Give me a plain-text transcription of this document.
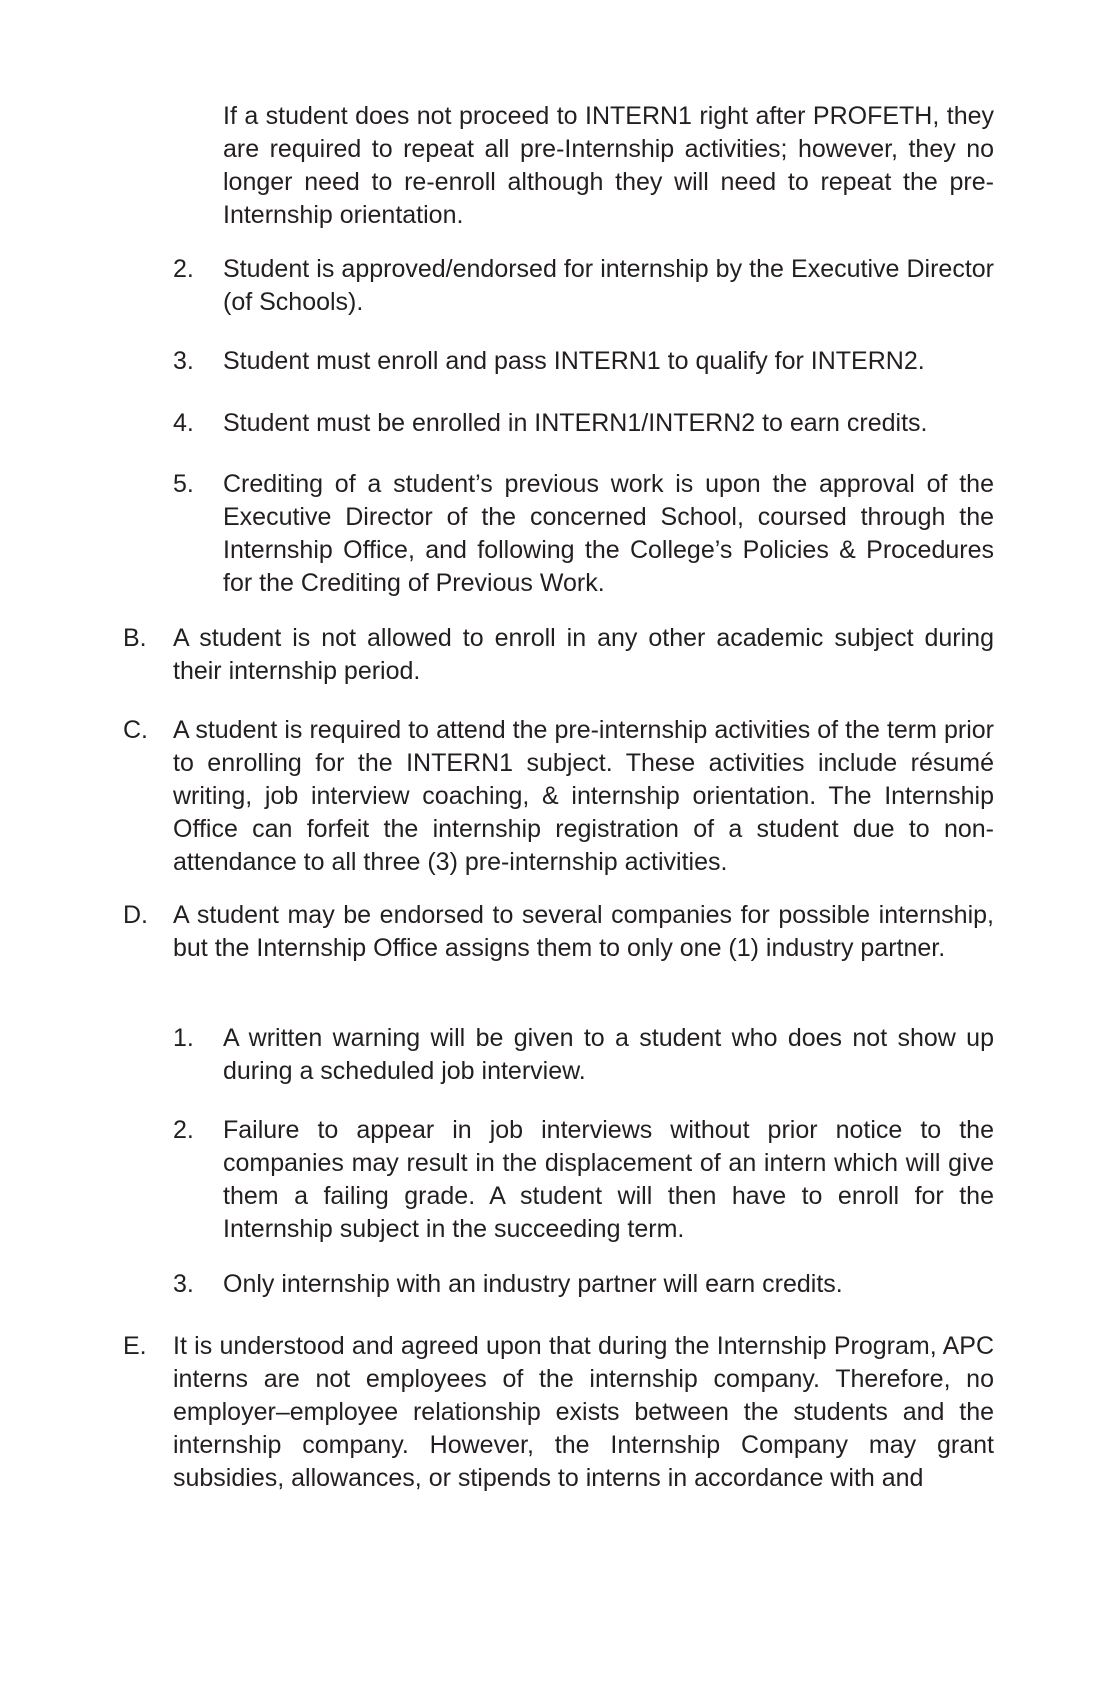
If a student does not proceed to INTERN1 right after PROFETH, they are required to repeat all pre-Internship activities; however, they no longer need to re-enroll although they will need to repeat the pre-Internship orientation.

2. Student is approved/endorsed for internship by the Executive Director (of Schools).

3. Student must enroll and pass INTERN1 to qualify for INTERN2.

4. Student must be enrolled in INTERN1/INTERN2 to earn credits.

5. Crediting of a student’s previous work is upon the approval of the Executive Director of the concerned School, coursed through the Internship Office, and following the College’s Policies & Procedures for the Crediting of Previous Work.

B. A student is not allowed to enroll in any other academic subject during their internship period.

C. A student is required to attend the pre-internship activities of the term prior to enrolling for the INTERN1 subject. These activities include résumé writing, job interview coaching, & internship orientation. The Internship Office can forfeit the internship registration of a student due to non-attendance to all three (3) pre-internship activities.

D. A student may be endorsed to several companies for possible internship, but the Internship Office assigns them to only one (1) industry partner.

1. A written warning will be given to a student who does not show up during a scheduled job interview.

2. Failure to appear in job interviews without prior notice to the companies may result in the displacement of an intern which will give them a failing grade. A student will then have to enroll for the Internship subject in the succeeding term.

3. Only internship with an industry partner will earn credits.

E. It is understood and agreed upon that during the Internship Program, APC interns are not employees of the internship company. Therefore, no employer–employee relationship exists between the students and the internship company. However, the Internship Company may grant subsidies, allowances, or stipends to interns in accordance with and
